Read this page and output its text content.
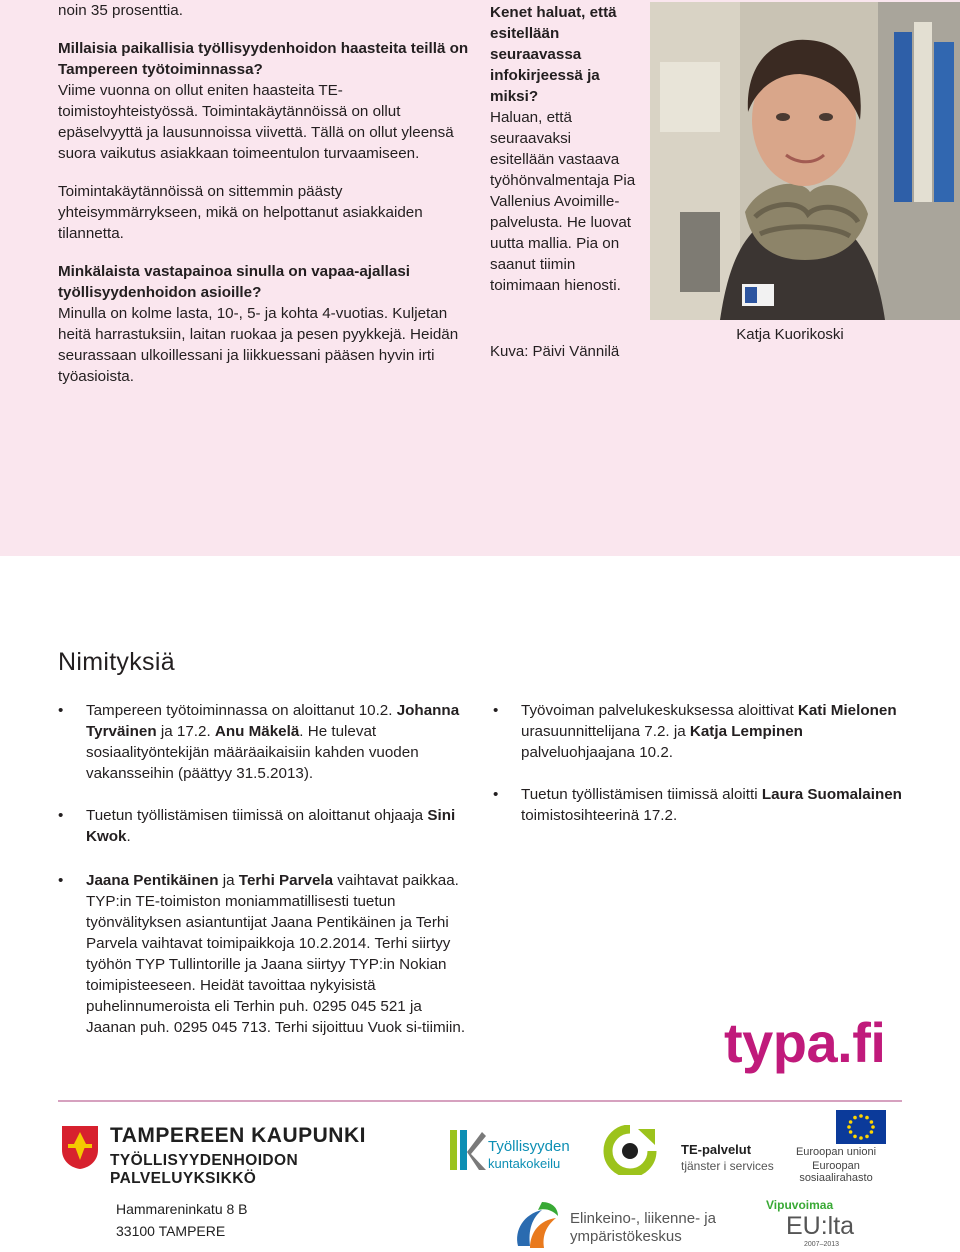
noin 35 prosenttia.

Millaisia paikallisia työllisyydenhoidon haasteita teillä on Tampereen työtoiminnassa?

Viime vuonna on ollut eniten haasteita TE-toimistoyhteistyössä. Toimintakäytännöissä on ollut epäselvyyttä ja lausunnoissa viivettä. Tällä on ollut yleensä suora vaikutus asiakkaan toimeentulon turvaamiseen.

Toimintakäytännöissä on sittemmin päästy yhteisymmärrykseen, mikä on helpottanut asiakkaiden tilannetta.

Minkälaista vastapainoa sinulla on vapaa-ajallasi työllisyydenhoidon asioille?

Minulla on kolme lasta, 10-, 5- ja kohta 4-vuotias. Kuljetan heitä harrastuksiin, laitan ruokaa ja pesen pyykkejä. Heidän seurassaan ulkoillessani ja liikkuessani pääsen hyvin irti työasioista.

Kenet haluat, että esitellään seuraavassa infokirjeessä ja miksi?

Haluan, että seuraavaksi esitellään vastaava työhönvalmentaja Pia Vallenius Avoimille-palvelusta. He luovat uutta mallia. Pia on saanut tiimin toimimaan hienosti.

Kuva: Päivi Vännilä
Katja Kuorikoski
Nimityksiä
• Tampereen työtoiminnassa on aloittanut 10.2. Johanna Tyrväinen ja 17.2. Anu Mäkelä. He tulevat sosiaalityöntekijän määräaikaisiin kahden vuoden vakansseihin (päättyy 31.5.2013).
• Tuetun työllistämisen tiimissä on aloittanut ohjaaja Sini Kwok.
• Työvoiman palvelukeskuksessa aloittivat Kati Mielonen urasuunnittelijana 7.2. ja Katja Lempinen palveluohjaajana 10.2.
• Tuetun työllistämisen tiimissä aloitti Laura Suomalainen toimistosihteerinä 17.2.
• Jaana Pentikäinen ja Terhi Parvela vaihtavat paikkaa. TYP:in TE-toimiston moniammatillisesti tuetun työnvälityksen asiantuntijat Jaana Pentikäinen ja Terhi Parvela vaihtavat toimipaikkoja 10.2.2014. Terhi siirtyy työhön TYP Tullintorille ja Jaana siirtyy TYP:in Nokian toimipisteeseen. Heidät tavoittaa nykyisistä puhelinnumeroista eli Terhin puh. 0295 045 521 ja Jaanan puh. 0295 045 713. Terhi sijoittuu Vuok si-tiimiin.	typa.fi
TAMPEREEN KAUPUNKI
TYÖLLISYYDENHOIDON PALVELUYKSIKKÖ
Työllisyyden
kuntakokeilu
TE-palvelut
tjänster i services
Euroopan unioni
Euroopan sosiaalirahasto
Hammareninkatu 8 B
33100 TAMPERE
Elinkeino-, liikenne- ja
ympäristökeskus
Vipuvoimaa
EU:lta
2007–2013
